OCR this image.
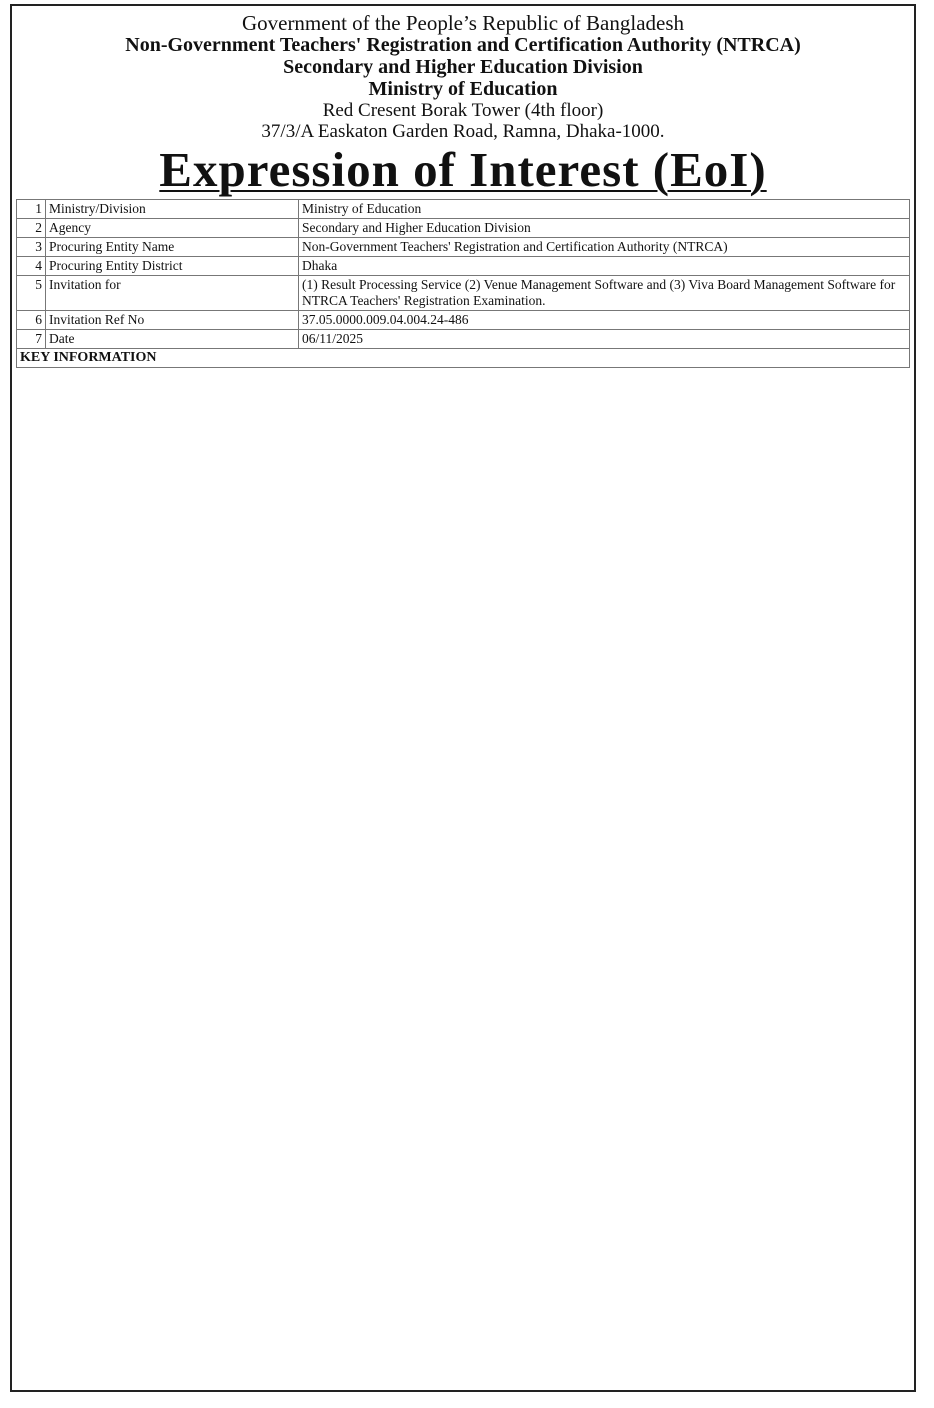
Government of the People’s Republic of Bangladesh
Non-Government Teachers' Registration and Certification Authority (NTRCA)
Secondary and Higher Education Division
Ministry of Education
Red Cresent Borak Tower (4th floor)
37/3/A Easkaton Garden Road, Ramna, Dhaka-1000.
Expression of Interest (EoI)
1	Ministry/Division	Ministry of Education
2	Agency	Secondary and Higher Education Division
3	Procuring Entity Name	Non-Government Teachers' Registration and Certification Authority (NTRCA)
4	Procuring Entity District	Dhaka
5	Invitation for	(1) Result Processing Service (2) Venue Management Software and (3) Viva Board Management Software for NTRCA Teachers' Registration Examination.
6	Invitation Ref No	37.05.0000.009.04.004.24-486
7	Date	06/11/2025
KEY INFORMATION		
